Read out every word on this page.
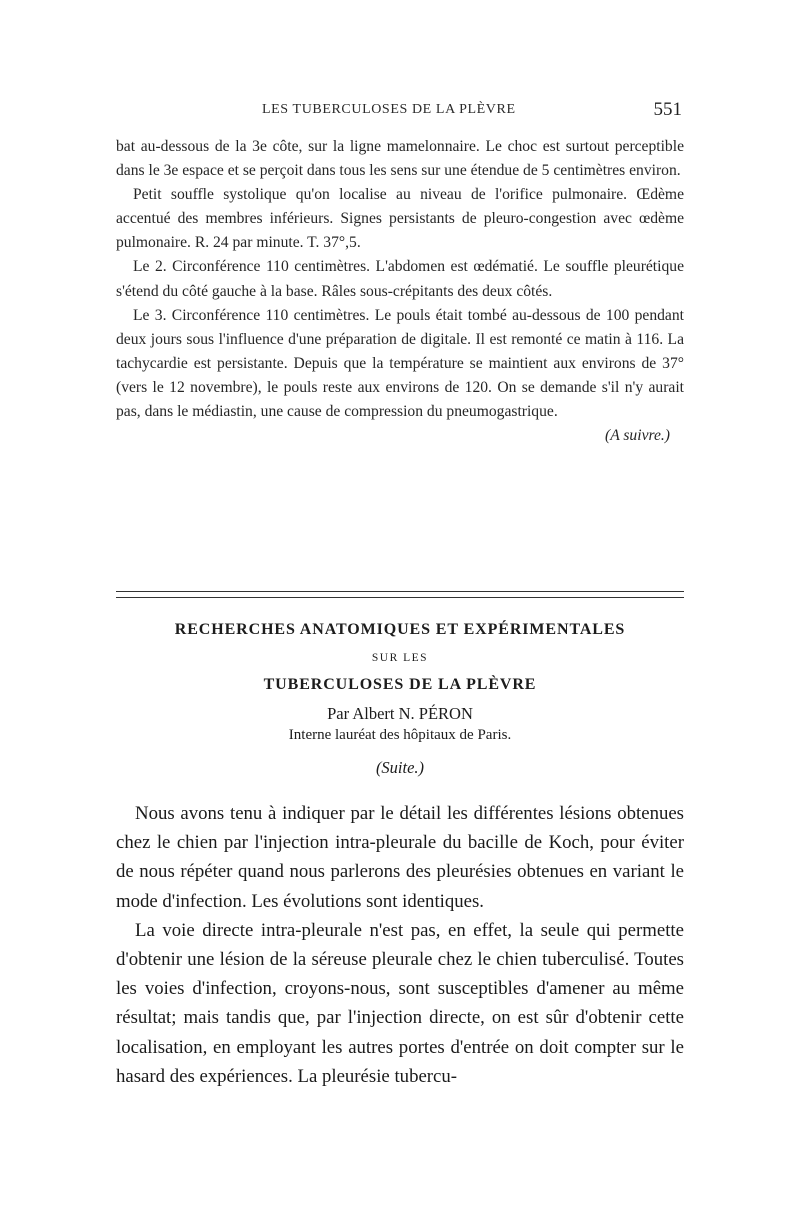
LES TUBERCULOSES DE LA PLÈVRE	551

bat au-dessous de la 3e côte, sur la ligne mamelonnaire. Le choc est surtout perceptible dans le 3e espace et se perçoit dans tous les sens sur une étendue de 5 centimètres environ.

Petit souffle systolique qu'on localise au niveau de l'orifice pulmonaire. Œdème accentué des membres inférieurs. Signes persistants de pleuro-congestion avec œdème pulmonaire. R. 24 par minute. T. 37°,5.

Le 2. Circonférence 110 centimètres. L'abdomen est œdématié. Le souffle pleurétique s'étend du côté gauche à la base. Râles sous-crépitants des deux côtés.

Le 3. Circonférence 110 centimètres. Le pouls était tombé au-dessous de 100 pendant deux jours sous l'influence d'une préparation de digitale. Il est remonté ce matin à 116. La tachycardie est persistante. Depuis que la température se maintient aux environs de 37° (vers le 12 novembre), le pouls reste aux environs de 120. On se demande s'il n'y aurait pas, dans le médiastin, une cause de compression du pneumogastrique.

(A suivre.)
RECHERCHES ANATOMIQUES ET EXPÉRIMENTALES
SUR LES
TUBERCULOSES DE LA PLÈVRE
Par Albert N. PÉRON
Interne lauréat des hôpitaux de Paris.
(Suite.)

Nous avons tenu à indiquer par le détail les différentes lésions obtenues chez le chien par l'injection intra-pleurale du bacille de Koch, pour éviter de nous répéter quand nous parlerons des pleurésies obtenues en variant le mode d'infection. Les évolutions sont identiques.

La voie directe intra-pleurale n'est pas, en effet, la seule qui permette d'obtenir une lésion de la séreuse pleurale chez le chien tuberculisé. Toutes les voies d'infection, croyons-nous, sont susceptibles d'amener au même résultat; mais tandis que, par l'injection directe, on est sûr d'obtenir cette localisation, en employant les autres portes d'entrée on doit compter sur le hasard des expériences. La pleurésie tubercu-
